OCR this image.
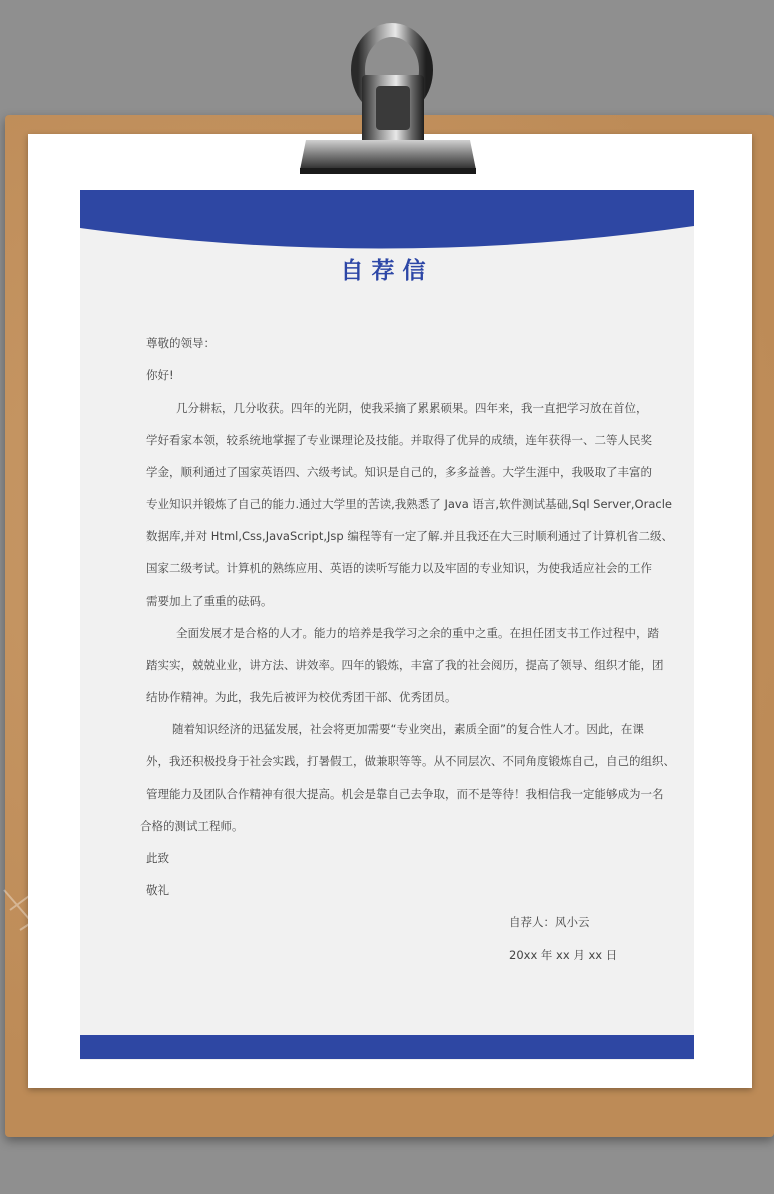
自荐信
尊敬的领导：
你好!
几分耕耘，几分收获。四年的光阴，使我采摘了累累硕果。四年来，我一直把学习放在首位，
学好看家本领，较系统地掌握了专业课理论及技能。并取得了优异的成绩，连年获得一、二等人民奖
学金，顺利通过了国家英语四、六级考试。知识是自己的，多多益善。大学生涯中，我吸取了丰富的
专业知识并锻炼了自己的能力.通过大学里的苦读,我熟悉了 Java 语言,软件测试基础,Sql Server,Oracle
数据库,并对 Html,Css,JavaScript,Jsp 编程等有一定了解.并且我还在大三时顺利通过了计算机省二级、
国家二级考试。计算机的熟练应用、英语的读听写能力以及牢固的专业知识，为使我适应社会的工作
需要加上了重重的砝码。
全面发展才是合格的人才。能力的培养是我学习之余的重中之重。在担任团支书工作过程中，踏
踏实实，兢兢业业，讲方法、讲效率。四年的锻炼，丰富了我的社会阅历，提高了领导、组织才能，团
结协作精神。为此，我先后被评为校优秀团干部、优秀团员。
随着知识经济的迅猛发展，社会将更加需要“专业突出，素质全面”的复合性人才。因此，在课
外，我还积极投身于社会实践，打暑假工，做兼职等等。从不同层次、不同角度锻炼自己，自己的组织、
管理能力及团队合作精神有很大提高。机会是靠自己去争取，而不是等待！我相信我一定能够成为一名
合格的测试工程师。
此致
敬礼
自荐人：风小云
20xx 年 xx 月 xx 日
